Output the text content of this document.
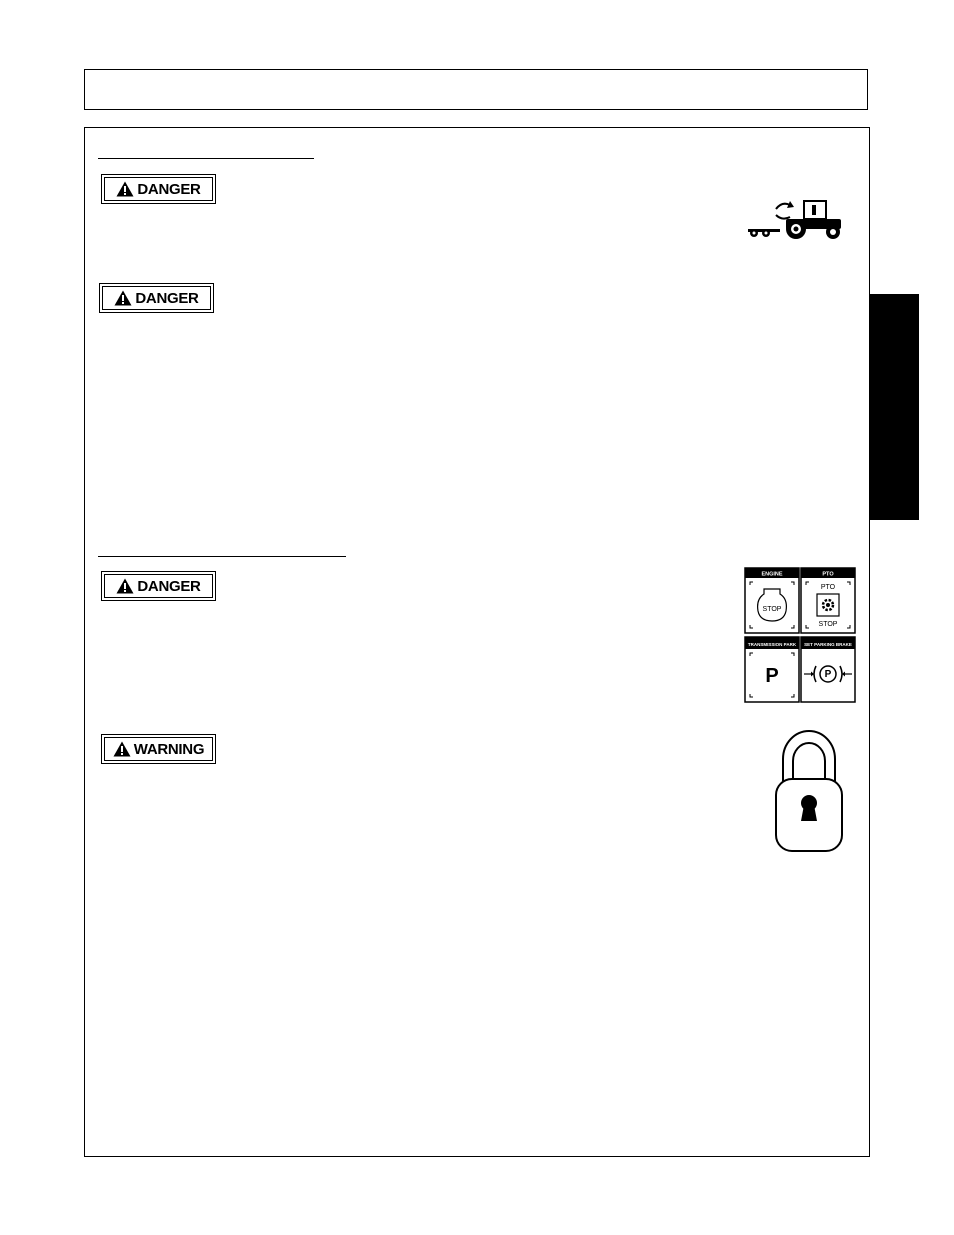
DANGER
DANGER
DANGER
ENGINE
STOP
PTO
PTO
STOP
TRANSMISSION PARK
P
SET PARKING BRAKE
P
WARNING
